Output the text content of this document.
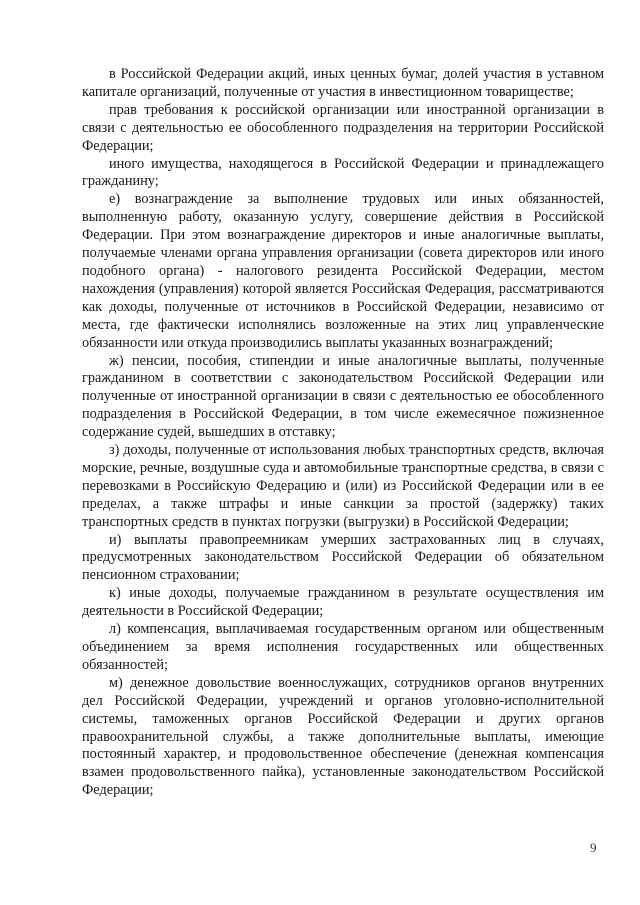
· · ·

в Российской Федерации акций, иных ценных бумаг, долей участия в уставном капитале организаций, полученные от участия в инвестиционном товариществе;

прав требования к российской организации или иностранной организации в связи с деятельностью ее обособленного подразделения на территории Российской Федерации;

иного имущества, находящегося в Российской Федерации и принадлежащего гражданину;

е) вознаграждение за выполнение трудовых или иных обязанностей, выполненную работу, оказанную услугу, совершение действия в Российской Федерации. При этом вознаграждение директоров и иные аналогичные выплаты, получаемые членами органа управления организации (совета директоров или иного подобного органа) - налогового резидента Российской Федерации, местом нахождения (управления) которой является Российская Федерация, рассматриваются как доходы, полученные от источников в Российской Федерации, независимо от места, где фактически исполнялись возложенные на этих лиц управленческие обязанности или откуда производились выплаты указанных вознаграждений;

ж) пенсии, пособия, стипендии и иные аналогичные выплаты, полученные гражданином в соответствии с законодательством Российской Федерации или полученные от иностранной организации в связи с деятельностью ее обособленного подразделения в Российской Федерации, в том числе ежемесячное пожизненное содержание судей, вышедших в отставку;

з) доходы, полученные от использования любых транспортных средств, включая морские, речные, воздушные суда и автомобильные транспортные средства, в связи с перевозками в Российскую Федерацию и (или) из Российской Федерации или в ее пределах, а также штрафы и иные санкции за простой (задержку) таких транспортных средств в пунктах погрузки (выгрузки) в Российской Федерации;

и) выплаты правопреемникам умерших застрахованных лиц в случаях, предусмотренных законодательством Российской Федерации об обязательном пенсионном страховании;

к) иные доходы, получаемые гражданином в результате осуществления им деятельности в Российской Федерации;

л) компенсация, выплачиваемая государственным органом или общественным объединением за время исполнения государственных или общественных обязанностей;

м) денежное довольствие военнослужащих, сотрудников органов внутренних дел Российской Федерации, учреждений и органов уголовно-исполнительной системы, таможенных органов Российской Федерации и других органов правоохранительной службы, а также дополнительные выплаты, имеющие постоянный характер, и продовольственное обеспечение (денежная компенсация взамен продовольственного пайка), установленные законодательством Российской Федерации;

9
